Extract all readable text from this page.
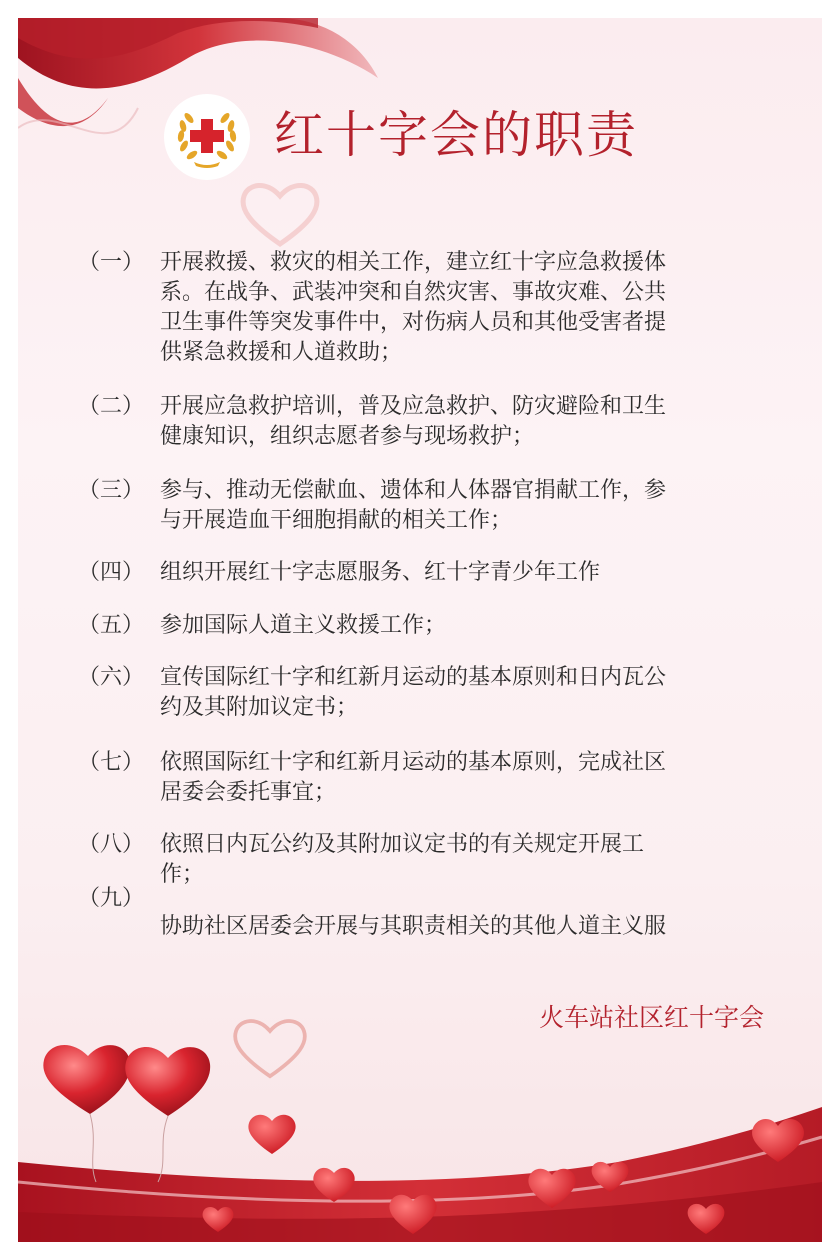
红十字会的职责
（一） 开展救援、救灾的相关工作，建立红十字应急救援体
系。在战争、武装冲突和自然灾害、事故灾难、公共
卫生事件等突发事件中，对伤病人员和其他受害者提
供紧急救援和人道救助；
（二） 开展应急救护培训，普及应急救护、防灾避险和卫生
健康知识，组织志愿者参与现场救护；
（三） 参与、推动无偿献血、遗体和人体器官捐献工作，参
与开展造血干细胞捐献的相关工作；
（四） 组织开展红十字志愿服务、红十字青少年工作
（五） 参加国际人道主义救援工作；
（六） 宣传国际红十字和红新月运动的基本原则和日内瓦公
约及其附加议定书；
（七） 依照国际红十字和红新月运动的基本原则，完成社区
居委会委托事宜；
（八） 依照日内瓦公约及其附加议定书的有关规定开展工
作；
（九）
协助社区居委会开展与其职责相关的其他人道主义服
火车站社区红十字会
